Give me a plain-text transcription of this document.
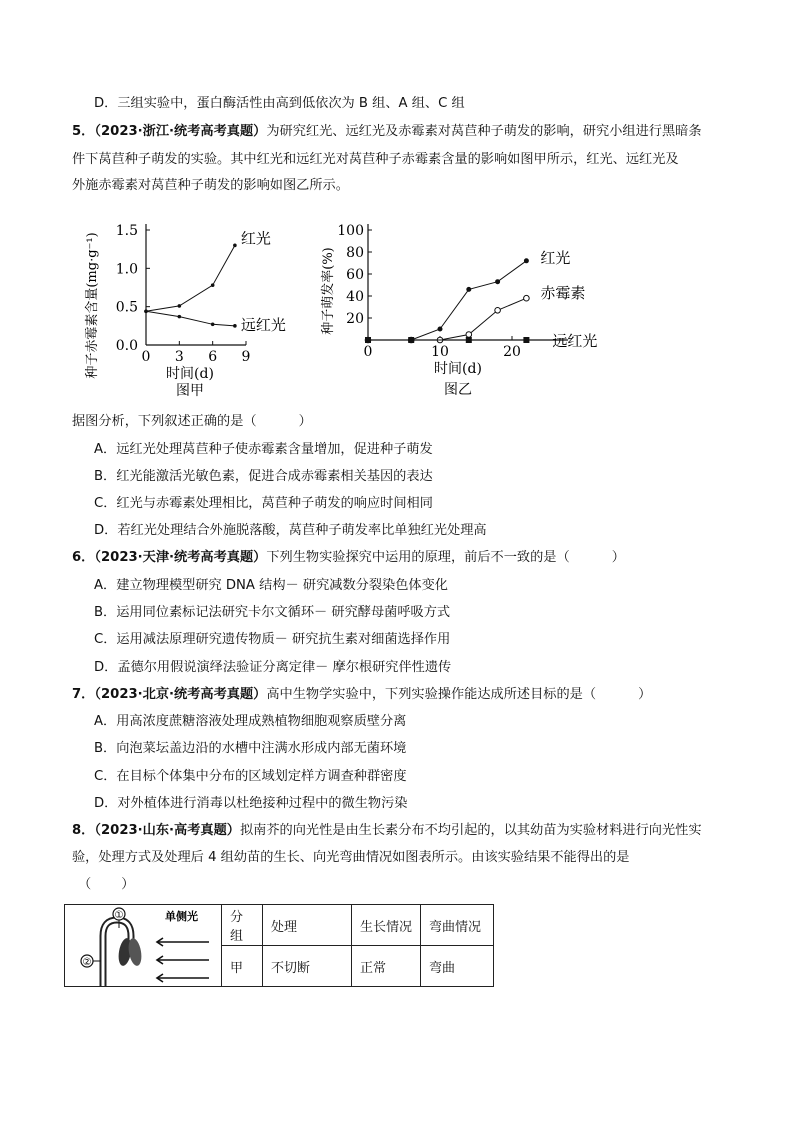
D．三组实验中，蛋白酶活性由高到低依次为 B 组、A 组、C 组
5．（2023·浙江·统考高考真题）为研究红光、远红光及赤霉素对莴苣种子萌发的影响，研究小组进行黑暗条
件下莴苣种子萌发的实验。其中红光和远红光对莴苣种子赤霉素含量的影响如图甲所示，红光、远红光及
外施赤霉素对莴苣种子萌发的影响如图乙所示。
0.0
0.5
1.0
1.5
0 3 6 9
时间(d)
图甲
种子赤霉素含量(mg·g⁻¹)	红光
远红光	20
40
60
80
100
0	10	20
时间(d)
图乙
种子萌发率(%)	红光
赤霉素
远红光
据图分析，下列叙述正确的是（	）
A．远红光处理莴苣种子使赤霉素含量增加，促进种子萌发
B．红光能激活光敏色素，促进合成赤霉素相关基因的表达
C．红光与赤霉素处理相比，莴苣种子萌发的响应时间相同
D．若红光处理结合外施脱落酸，莴苣种子萌发率比单独红光处理高
6．（2023·天津·统考高考真题）下列生物实验探究中运用的原理，前后不一致的是（	）
A．建立物理模型研究 DNA 结构－ 研究减数分裂染色体变化
B．运用同位素标记法研究卡尔文循环－ 研究酵母菌呼吸方式
C．运用减法原理研究遗传物质－ 研究抗生素对细菌选择作用
D．孟德尔用假说演绎法验证分离定律－ 摩尔根研究伴性遗传
7．（2023·北京·统考高考真题）高中生物学实验中，下列实验操作能达成所述目标的是（	）
A．用高浓度蔗糖溶液处理成熟植物细胞观察质壁分离
B．向泡菜坛盖边沿的水槽中注满水形成内部无菌环境
C．在目标个体集中分布的区域划定样方调查种群密度
D．对外植体进行消毒以杜绝接种过程中的微生物污染
8．（2023·山东·高考真题）拟南芥的向光性是由生长素分布不均引起的，以其幼苗为实验材料进行向光性实
验，处理方式及处理后 4 组幼苗的生长、向光弯曲情况如图表所示。由该实验结果不能得出的是
（ ）
①
②
单侧光	分组	处理	生长情况	弯曲情况
	甲	不切断	正常	弯曲
